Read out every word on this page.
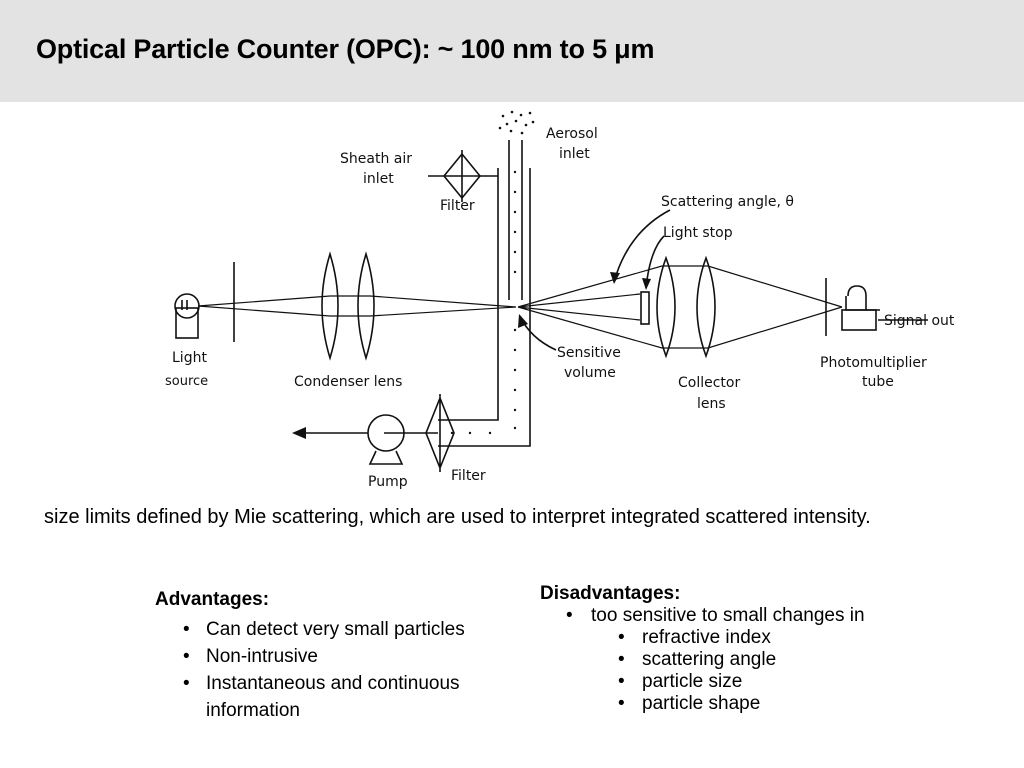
Optical Particle Counter (OPC): ~ 100 nm to 5 μm
Aerosol
inlet
Sheath air
inlet
Filter	Scattering angle, θ
Light stop
Signal out
Light
source	Condenser lens
Sensitive
volume
Collector
lens
Photomultiplier
tube
Filter
Pump

size limits defined by Mie scattering, which are used to interpret integrated scattered intensity.

Advantages:
• Can detect very small particles
• Non-intrusive
• Instantaneous and continuous information
Disadvantages:
• too sensitive to small changes in
• refractive index
• scattering angle
• particle size
• particle shape
